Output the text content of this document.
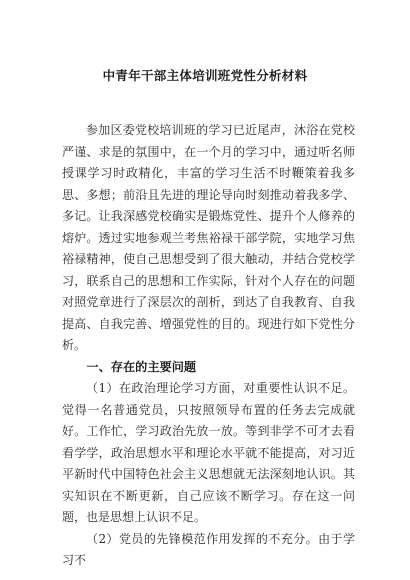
中青年干部主体培训班党性分析材料

参加区委党校培训班的学习已近尾声，沐浴在党校严谨、求是的氛围中，在一个月的学习中，通过听名师授课学习时政精化，丰富的学习生活不时鞭策着我多思、多想；前沿且先进的理论导向时刻推动着我多学、多记。让我深感党校确实是锻炼党性、提升个人修养的熔炉。透过实地参观兰考焦裕禄干部学院，实地学习焦裕禄精神，使自己思想受到了很大触动，并结合党校学习，联系自己的思想和工作实际，针对个人存在的问题对照党章进行了深层次的剖析，到达了自我教育、自我提高、自我完善、增强党性的目的。现进行如下党性分析。

一、存在的主要问题

（1）在政治理论学习方面，对重要性认识不足。觉得一名普通党员，只按照领导布置的任务去完成就好。工作忙，学习政治先放一放。等到非学不可才去看看学学，政治思想水平和理论水平就不能提高，对习近平新时代中国特色社会主义思想就无法深刻地认识。其实知识在不断更新，自己应该不断学习。存在这一问题，也是思想上认识不足。

（2）党员的先锋模范作用发挥的不充分。由于学习不
